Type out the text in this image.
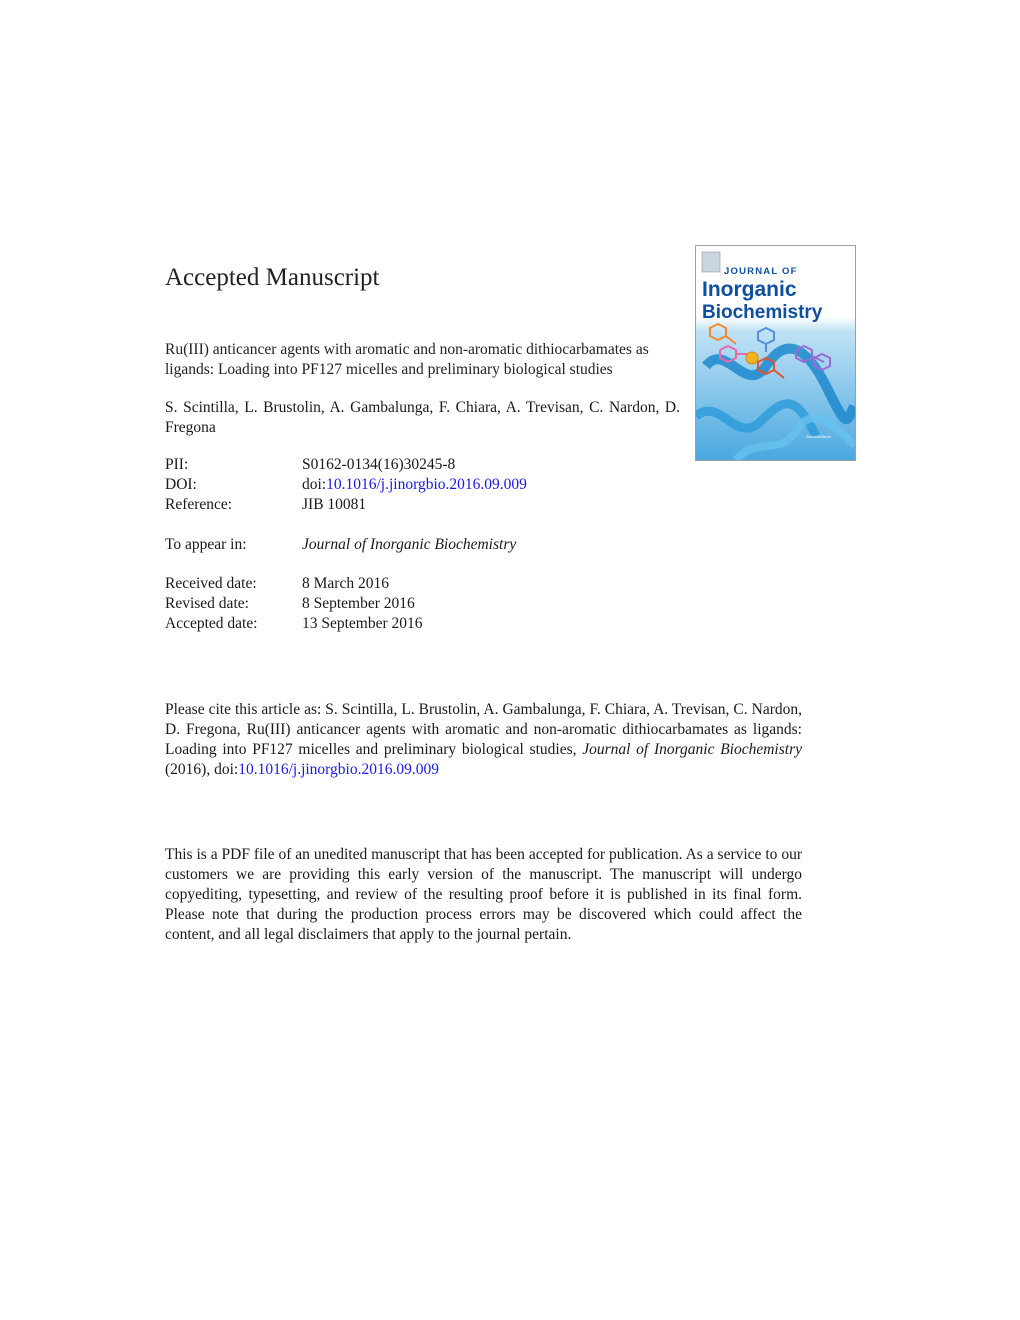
Accepted Manuscript
Ru(III) anticancer agents with aromatic and non-aromatic dithiocarbamates as ligands: Loading into PF127 micelles and preliminary biological studies
S. Scintilla, L. Brustolin, A. Gambalunga, F. Chiara, A. Trevisan, C. Nardon, D. Fregona
PII:	S0162-0134(16)30245-8
DOI:	doi:10.1016/j.jinorgbio.2016.09.009
Reference:	JIB 10081
To appear in:	Journal of Inorganic Biochemistry
Received date:	8 March 2016
Revised date:	8 September 2016
Accepted date:	13 September 2016
Please cite this article as: S. Scintilla, L. Brustolin, A. Gambalunga, F. Chiara, A. Trevisan, C. Nardon, D. Fregona, Ru(III) anticancer agents with aromatic and non-aromatic dithiocarbamates as ligands: Loading into PF127 micelles and preliminary biological studies, Journal of Inorganic Biochemistry (2016), doi:10.1016/j.jinorgbio.2016.09.009
This is a PDF file of an unedited manuscript that has been accepted for publication. As a service to our customers we are providing this early version of the manuscript. The manuscript will undergo copyediting, typesetting, and review of the resulting proof before it is published in its final form. Please note that during the production process errors may be discovered which could affect the content, and all legal disclaimers that apply to the journal pertain.
JOURNAL OF
Inorganic
Biochemistry
ScienceDirect
